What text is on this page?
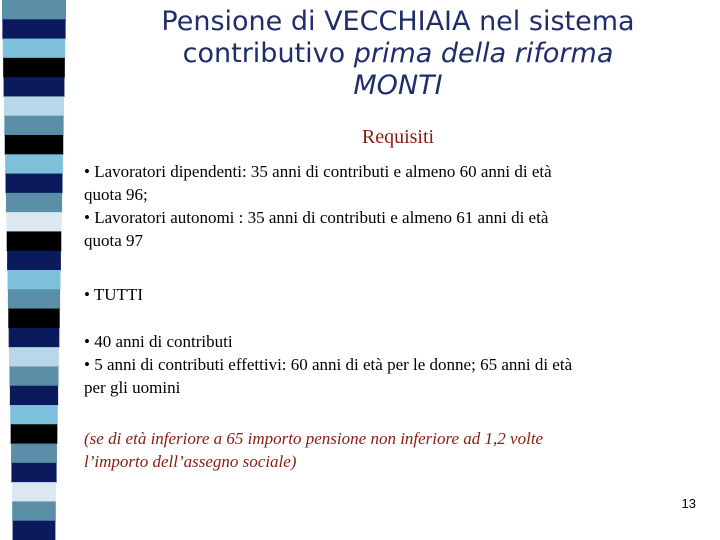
Pensione di VECCHIAIA nel sistema
contributivo prima della riforma
MONTI
Requisiti
• Lavoratori dipendenti: 35 anni di contributi e almeno 60 anni di età
quota 96;
• Lavoratori autonomi : 35 anni di contributi e almeno 61 anni di età
quota 97
• TUTTI
• 40 anni di contributi
• 5 anni di contributi effettivi: 60 anni di età per le donne; 65 anni di età
per gli uomini
(se di età inferiore a 65 importo pensione non inferiore ad 1,2 volte
l’importo dell’assegno sociale)
13
